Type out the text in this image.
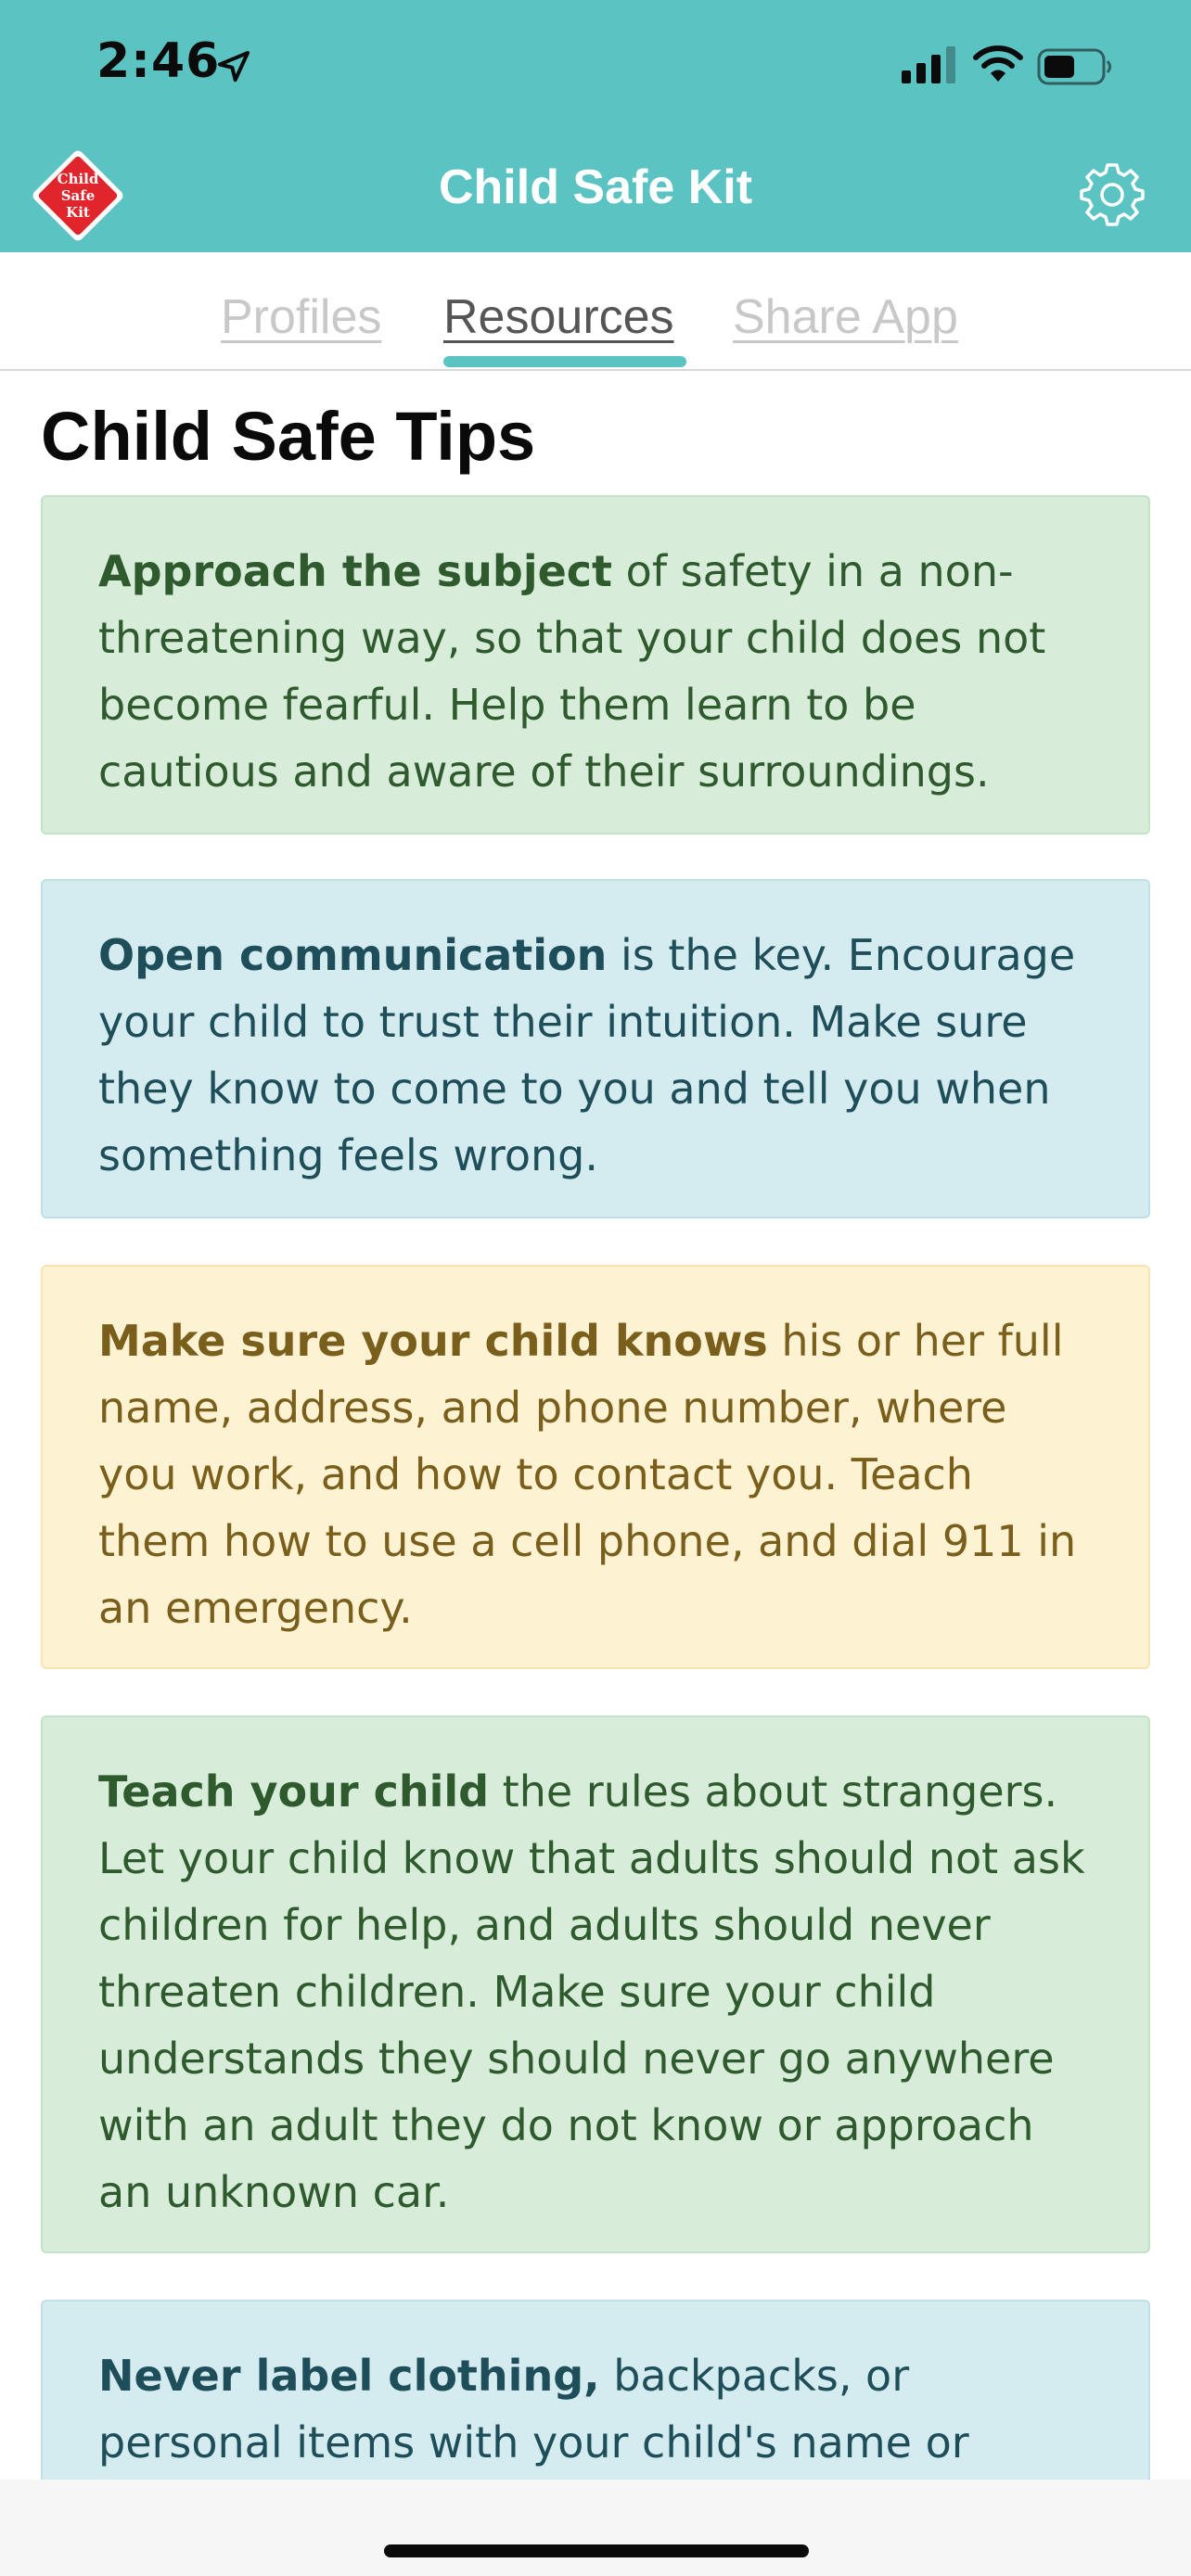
2:46
Child
Safe
Kit	Child Safe Kit
Profiles Resources Share App
Child Safe Tips
Approach the subject of safety in a non-threatening way, so that your child does not become fearful. Help them learn to be cautious and aware of their surroundings.
Open communication is the key. Encourage your child to trust their intuition. Make sure they know to come to you and tell you when something feels wrong.
Make sure your child knows his or her full name, address, and phone number, where you work, and how to contact you. Teach them how to use a cell phone, and dial 911 in an emergency.
Teach your child the rules about strangers. Let your child know that adults should not ask children for help, and adults should never threaten children. Make sure your child understands they should never go anywhere with an adult they do not know or approach an unknown car.
Never label clothing, backpacks, or personal items with your child's name or
